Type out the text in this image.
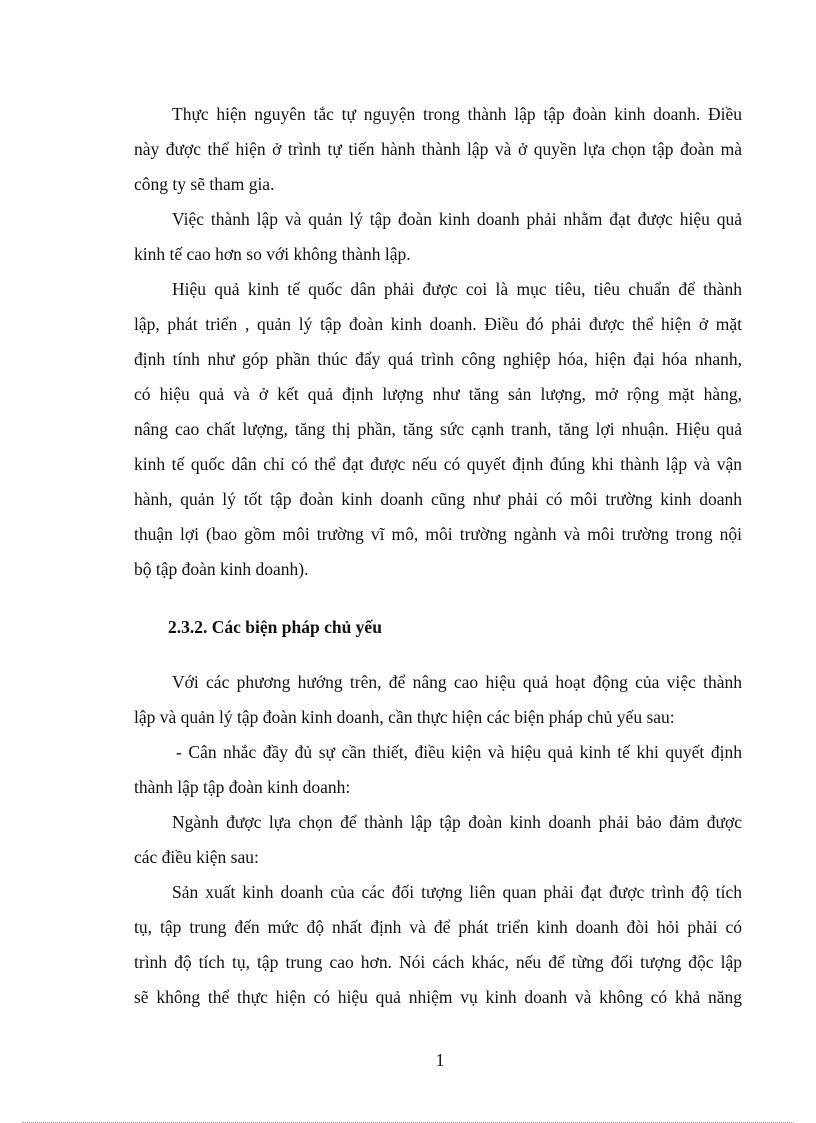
Thực hiện nguyên tắc tự nguyện trong thành lập tập đoàn kinh doanh. Điều
này được thể hiện ở trình tự tiến hành thành lập và ở quyền lựa chọn tập đoàn mà
công ty sẽ tham gia.
Việc thành lập và quản lý tập đoàn kinh doanh phải nhằm đạt được hiệu quả
kinh tế cao hơn so với không thành lập.
Hiệu quả kinh tế quốc dân phải được coi là mục tiêu, tiêu chuẩn để thành
lập, phát triển , quản lý tập đoàn kinh doanh. Điều đó phải được thể hiện ở mặt
định tính như góp phần thúc đẩy quá trình công nghiệp hóa, hiện đại hóa nhanh,
có hiệu quả và ở kết quả định lượng như tăng sản lượng, mở rộng mặt hàng,
nâng cao chất lượng, tăng thị phần, tăng sức cạnh tranh, tăng lợi nhuận. Hiệu quả
kinh tế quốc dân chỉ có thể đạt được nếu có quyết định đúng khi thành lập và vận
hành, quản lý tốt tập đoàn kinh doanh cũng như phải có môi trường kinh doanh
thuận lợi (bao gồm môi trường vĩ mô, môi trường ngành và môi trường trong nội
bộ tập đoàn kinh doanh).
2.3.2. Các biện pháp chủ yếu
Với các phương hướng trên, để nâng cao hiệu quả hoạt động của việc thành
lập và quản lý tập đoàn kinh doanh, cần thực hiện các biện pháp chủ yếu sau:
- Cân nhắc đầy đủ sự cần thiết, điều kiện và hiệu quả kinh tế khi quyết định
thành lập tập đoàn kinh doanh:
Ngành được lựa chọn để thành lập tập đoàn kinh doanh phải bảo đảm được
các điều kiện sau:
Sản xuất kinh doanh của các đối tượng liên quan phải đạt được trình độ tích
tụ, tập trung đến mức độ nhất định và để phát triển kinh doanh đòi hỏi phải có
trình độ tích tụ, tập trung cao hơn. Nói cách khác, nếu để từng đối tượng độc lập
sẽ không thể thực hiện có hiệu quả nhiệm vụ kinh doanh và không có khả năng
1
